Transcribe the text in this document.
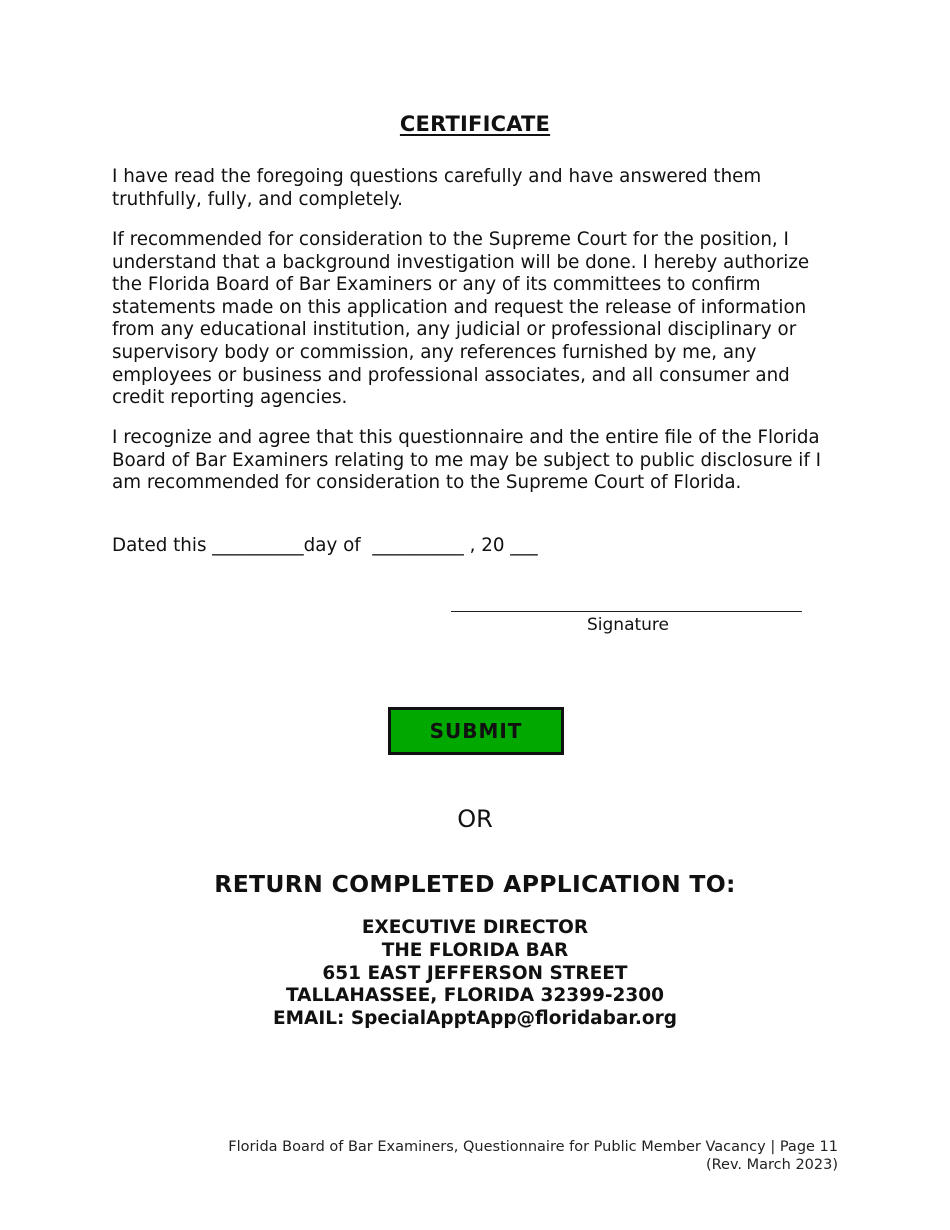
CERTIFICATE
I have read the foregoing questions carefully and have answered them truthfully, fully, and completely.
If recommended for consideration to the Supreme Court for the position, I understand that a background investigation will be done. I hereby authorize the Florida Board of Bar Examiners or any of its committees to confirm statements made on this application and request the release of information from any educational institution, any judicial or professional disciplinary or supervisory body or commission, any references furnished by me, any employees or business and professional associates, and all consumer and credit reporting agencies.
I recognize and agree that this questionnaire and the entire file of the Florida Board of Bar Examiners relating to me may be subject to public disclosure if I am recommended for consideration to the Supreme Court of Florida.
Dated this __________day of  __________ , 20 ___
Signature
SUBMIT
OR
RETURN COMPLETED APPLICATION TO:
EXECUTIVE DIRECTOR
THE FLORIDA BAR
651 EAST JEFFERSON STREET
TALLAHASSEE, FLORIDA 32399-2300
EMAIL: SpecialApptApp@floridabar.org
Florida Board of Bar Examiners, Questionnaire for Public Member Vacancy | Page 11
(Rev. March 2023)
